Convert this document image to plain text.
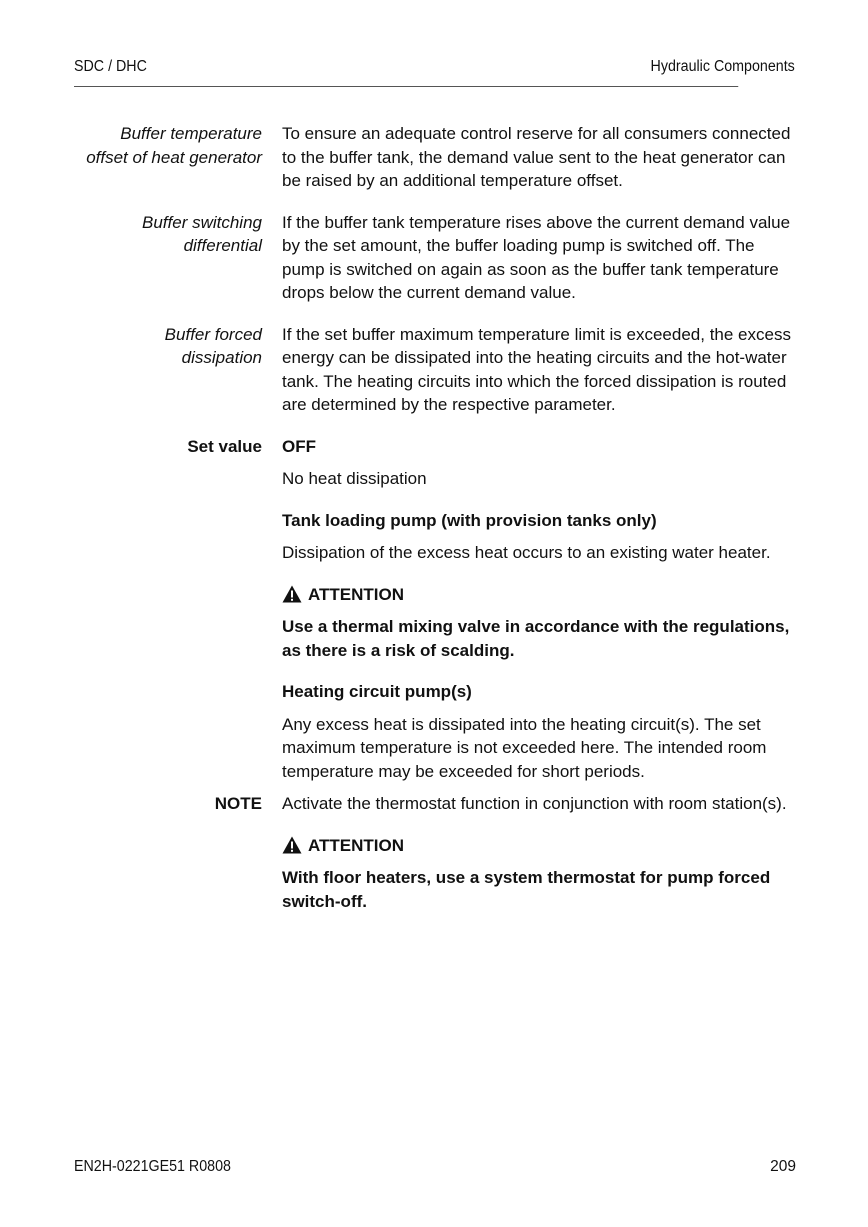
SDC / DHC	Hydraulic Components
Buffer temperature
offset of heat generator

To ensure an adequate control reserve for all consumers connected to the buffer tank, the demand value sent to the heat generator can be raised by an additional temperature offset.

Buffer switching
differential

If the buffer tank temperature rises above the current demand value by the set amount, the buffer loading pump is switched off. The pump is switched on again as soon as the buffer tank temperature drops below the current demand value.

Buffer forced
dissipation

If the set buffer maximum temperature limit is exceeded, the excess energy can be dissipated into the heating circuits and the hot-water tank. The heating circuits into which the forced dissipation is routed are determined by the respective parameter.

Set value OFF

No heat dissipation

Tank loading pump (with provision tanks only)

Dissipation of the excess heat occurs to an existing water heater.

ATTENTION

Use a thermal mixing valve in accordance with the regulations, as there is a risk of scalding.

Heating circuit pump(s)

Any excess heat is dissipated into the heating circuit(s). The set maximum temperature is not exceeded here. The intended room temperature may be exceeded for short periods.

NOTE Activate the thermostat function in conjunction with room station(s).

ATTENTION

With floor heaters, use a system thermostat for pump forced switch-off.

EN2H-0221GE51 R0808	209
